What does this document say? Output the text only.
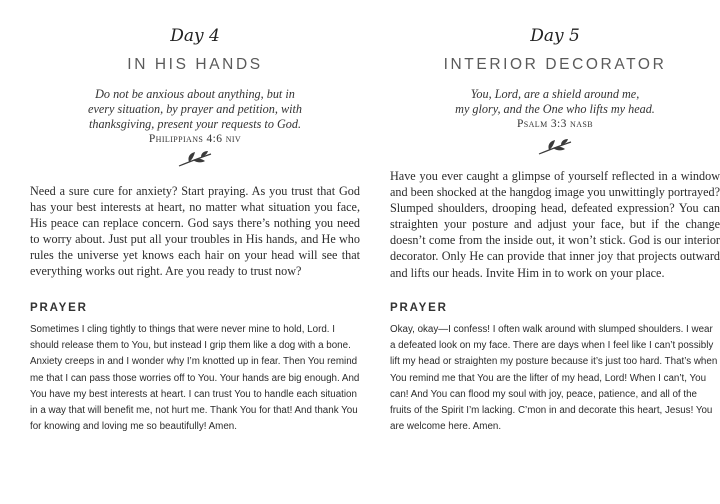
Day 4
IN HIS HANDS
Do not be anxious about anything, but in
every situation, by prayer and petition, with
thanksgiving, present your requests to God.
Philippians 4:6 niv
Need a sure cure for anxiety? Start praying. As you trust that God has your best interests at heart, no matter what situation you face, His peace can replace concern. God says there’s nothing you need to worry about. Just put all your troubles in His hands, and He who rules the universe yet knows each hair on your head will see that everything works out right. Are you ready to trust now?
PRAYER
Sometimes I cling tightly to things that were never mine to hold, Lord. I should release them to You, but instead I grip them like a dog with a bone. Anxiety creeps in and I wonder why I’m knotted up in fear. Then You remind me that I can pass those worries off to You. Your hands are big enough. And You have my best interests at heart. I can trust You to handle each situation in a way that will benefit me, not hurt me. Thank You for that! And thank You for knowing and loving me so beautifully! Amen.
Day 5
INTERIOR DECORATOR
You, Lord, are a shield around me,
my glory, and the One who lifts my head.
Psalm 3:3 nasb
Have you ever caught a glimpse of yourself reflected in a window and been shocked at the hangdog image you unwittingly portrayed? Slumped shoulders, drooping head, defeated expression? You can straighten your posture and adjust your face, but if the change doesn’t come from the inside out, it won’t stick. God is our interior decorator. Only He can provide that inner joy that projects outward and lifts our heads. Invite Him in to work on your place.
PRAYER
Okay, okay—I confess! I often walk around with slumped shoulders. I wear a defeated look on my face. There are days when I feel like I can’t possibly lift my head or straighten my posture because it’s just too hard. That’s when You remind me that You are the lifter of my head, Lord! When I can’t, You can! And You can flood my soul with joy, peace, patience, and all of the fruits of the Spirit I’m lacking. C’mon in and decorate this heart, Jesus! You are welcome here. Amen.
